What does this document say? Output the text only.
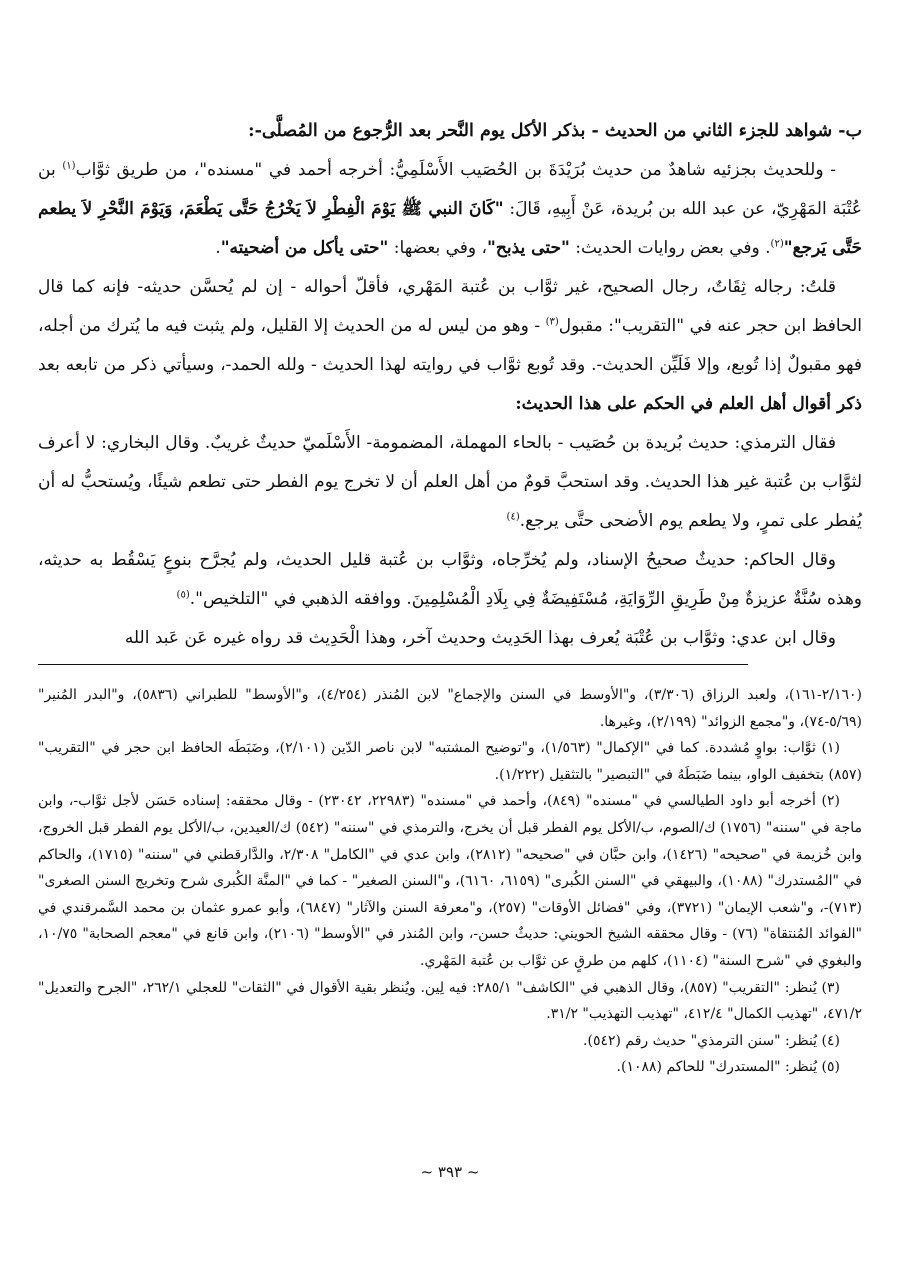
ب- شواهد للجزء الثاني من الحديث - بذكر الأكل يوم النَّحر بعد الرُّجوع من المُصلَّى-:

- وللحديث بجزئيه شاهدٌ من حديث بُرَيْدَةَ بن الحُصَيب الأَسْلَمِيُّ: أخرجه أحمد في "مسنده"، من طريق ثوَّاب$^{(١)}$ بن عُتْبَة المَهْرِيّ، عن عبد الله بن بُريدة، عَنْ أَبِيهِ، قَالَ: "كَانَ النبي ﷺ يَوْمَ الْفِطْرِ لاَ يَخْرُجُ حَتَّى يَطْعَمَ، وَيَوْمَ النَّحْرِ لاَ يطعم حَتَّى يَرجع"$^{(٢)}$. وفي بعض روايات الحديث: "حتى يذبح"، وفي بعضها: "حتى يأكل من أضحيته".

قلتُ: رجاله ثِقَاتٌ، رجال الصحيح، غير ثوَّاب بن عُتبة المَهْري، فأقلّ أحواله - إن لم يُحسَّن حديثه- فإنه كما قال الحافظ ابن حجر عنه في "التقريب": مقبول$^{(٣)}$ - وهو من ليس له من الحديث إلا القليل، ولم يثبت فيه ما يُترك من أجله، فهو مقبولٌ إذا تُوبع، وإلا فَلَيِّن الحديث-. وقد تُوبع ثوَّاب في روايته لهذا الحديث - ولله الحمد-، وسيأتي ذكر من تابعه بعد ذكر أقوال أهل العلم في الحكم على هذا الحديث:

فقال الترمذي: حديث بُريدة بن حُصَيب - بالحاء المهملة، المضمومة- الأَسْلَميّ حديثٌ غريبٌ. وقال البخاري: لا أعرف لثوَّاب بن عُتبة غير هذا الحديث. وقد استحبَّ قومٌ من أهل العلم أن لا تخرج يوم الفطر حتى تطعم شيئًا، ويُستحبُّ له أن يُفطر على تمرٍ، ولا يطعم يوم الأضحى حتَّى يرجع.$^{(٤)}$

وقال الحاكم: حديثٌ صحيحُ الإسناد، ولم يُخرِّجاه، وثوَّاب بن عُتبة قليل الحديث، ولم يُجرَّح بنوعٍ يَسْقُط به حديثه، وهذه سُنَّةٌ عزيزةٌ مِنْ طَرِيقِ الرِّوَايَةِ، مُسْتَفِيضَةٌ فِي بِلَادِ الْمُسْلِمِينَ. ووافقه الذهبي في "التلخيص".$^{(٥)}$

وقال ابن عدي: وثوَّاب بن عُتْبَة يُعرف بهذا الحَدِيث وحديث آخر، وهذا الْحَدِيث قد رواه غيره عَن عَبد الله

(٢/١٦٠-١٦١)، ولعبد الرزاق (٣/٣٠٦)، و"الأوسط في السنن والإجماع" لابن المُنذر (٤/٢٥٤)، و"الأوسط" للطبراني (٥٨٣٦)، و"البدر المُنير" (٥/٦٩-٧٤)، و"مجمع الزوائد" (٢/١٩٩)، وغيرها.

(١) ثوَّاب: بواوٍ مُشددة. كما في "الإكمال" (١/٥٦٣)، و"توضيح المشتبه" لابن ناصر الدّين (٢/١٠١)، وضَبَطَه الحافظ ابن حجر في "التقريب" (٨٥٧) بتخفيف الواو، بينما ضَبَطَهُ في "التبصير" بالتثقيل (١/٢٢٢).

(٢) أخرجه أبو داود الطيالسي في "مسنده" (٨٤٩)، وأحمد في "مسنده" (٢٢٩٨٣، ٢٣٠٤٢) - وقال محققه: إسناده حَسَن لأجل ثوَّاب-، وابن ماجة في "سننه" (١٧٥٦) ك/الصوم، ب/الأكل يوم الفطر قبل أن يخرج، والترمذي في "سننه" (٥٤٢) ك/العيدين، ب/الأكل يوم الفطر قبل الخروج، وابن خُزيمة في "صحيحه" (١٤٢٦)، وابن حبَّان في "صحيحه" (٢٨١٢)، وابن عدي في "الكامل" ٢/٣٠٨، والدَّارقطني في "سننه" (١٧١٥)، والحاكم في "المُستدرك" (١٠٨٨)، والبيهقي في "السنن الكُبرى" (٦١٥٩، ٦١٦٠)، و"السنن الصغير" - كما في "المنَّة الكُبرى شرح وتخريج السنن الصغرى" (٧١٣)-، و"شعب الإيمان" (٣٧٢١)، وفي "فضائل الأوقات" (٢٥٧)، و"معرفة السنن والآثار" (٦٨٤٧)، وأبو عمرو عثمان بن محمد السَّمرقندي في "الفوائد المُنتقاة" (٧٦) - وقال محققه الشيخ الحويني: حديثٌ حسن-، وابن المُنذر في "الأوسط" (٢١٠٦)، وابن قانع في "معجم الصحابة" ١٠/٧٥، والبغوي في "شرح السنة" (١١٠٤)، كلهم من طرقٍ عن ثوَّاب بن عُتبة المَهْري.

(٣) يُنظر: "التقريب" (٨٥٧)، وقال الذهبي في "الكاشف" ٢٨٥/١: فيه لِين. ويُنظر بقية الأقوال في "الثقات" للعجلي ٢٦٢/١، "الجرح والتعديل" ٤٧١/٢، "تهذيب الكمال" ٤١٢/٤، "تهذيب التهذيب" ٣١/٢.

(٤) يُنظر: "سنن الترمذي" حديث رقم (٥٤٢).

(٥) يُنظر: "المستدرك" للحاكم (١٠٨٨).

~ ٣٩٣ ~
